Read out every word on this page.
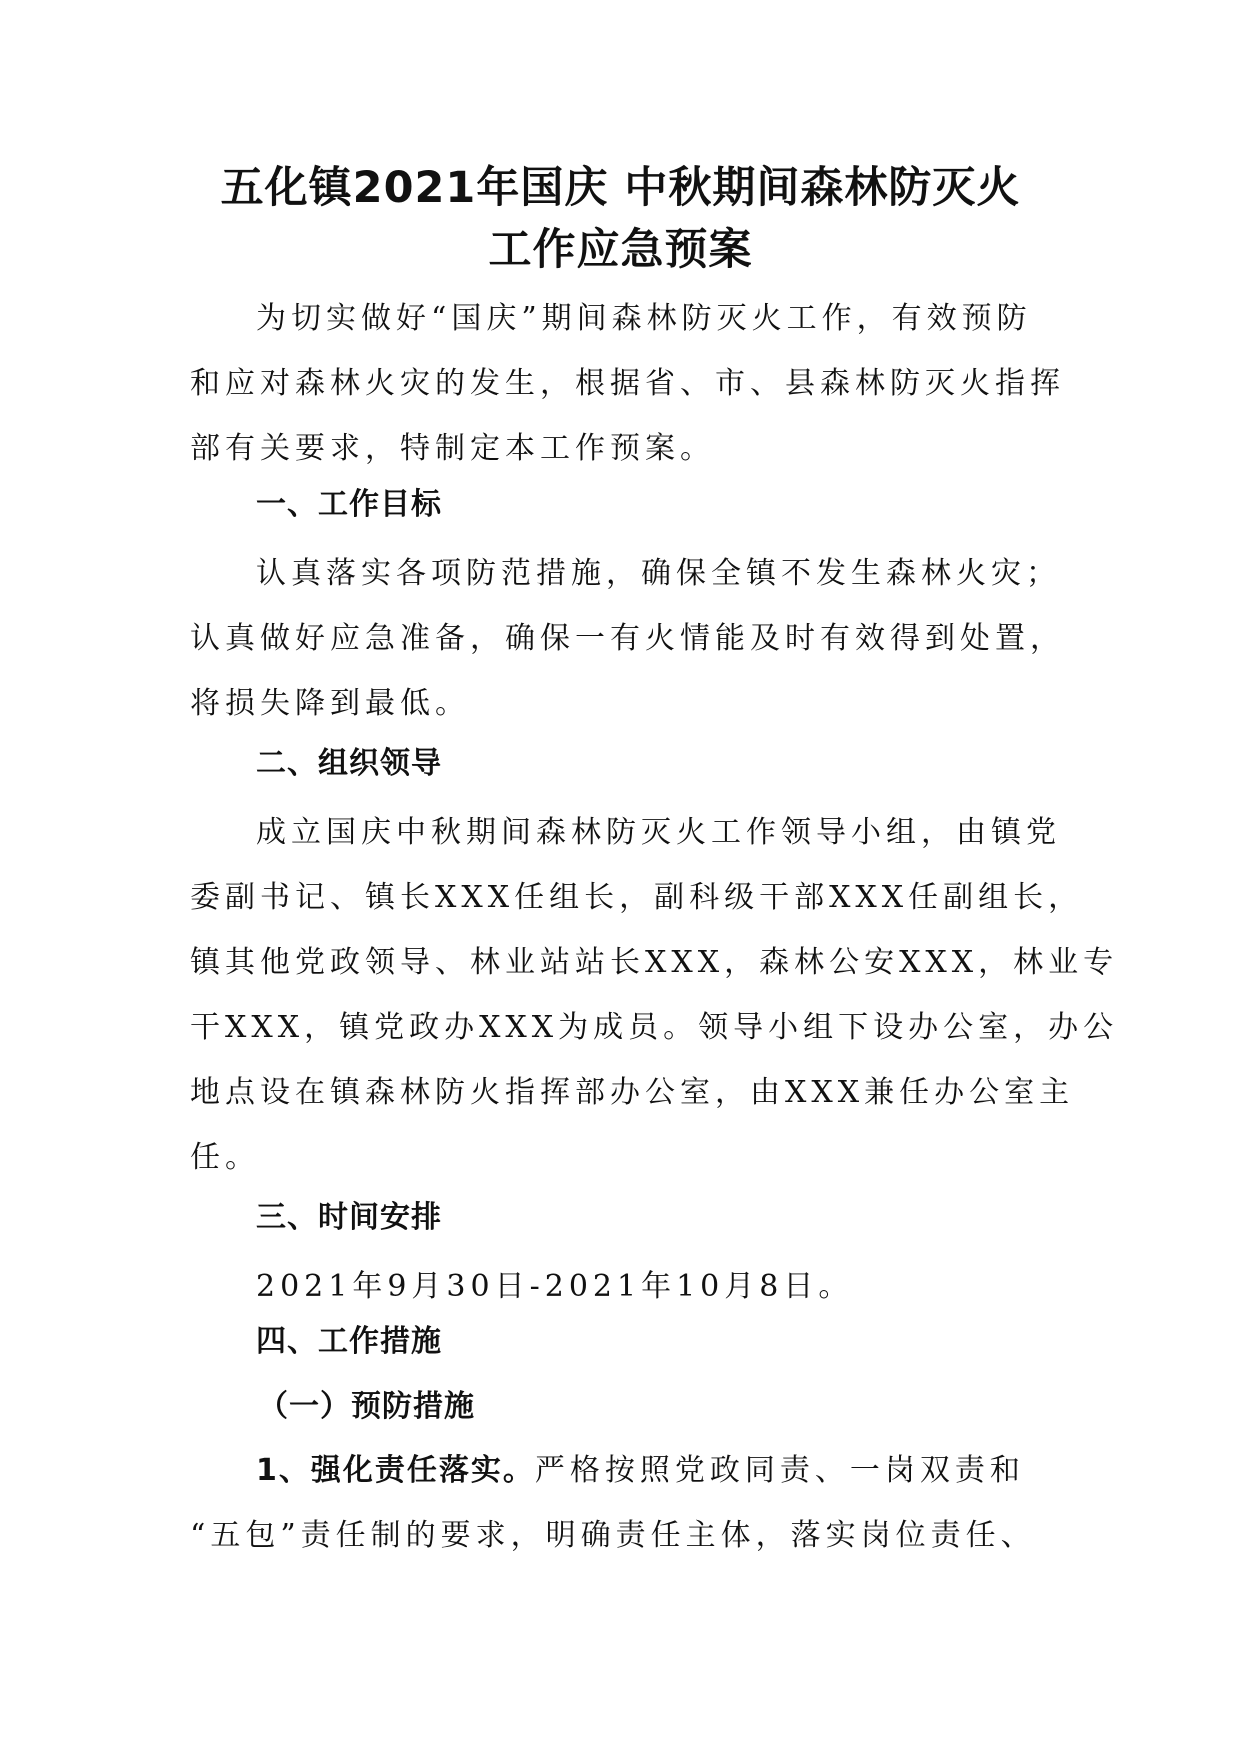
五化镇2021年国庆 中秋期间森林防灭火
工作应急预案
为切实做好“国庆”期间森林防灭火工作，有效预防
和应对森林火灾的发生，根据省、市、县森林防灭火指挥
部有关要求，特制定本工作预案。
一、工作目标
认真落实各项防范措施，确保全镇不发生森林火灾；
认真做好应急准备，确保一有火情能及时有效得到处置，
将损失降到最低。
二、组织领导
成立国庆中秋期间森林防灭火工作领导小组，由镇党
委副书记、镇长XXX任组长，副科级干部XXX任副组长，
镇其他党政领导、林业站站长XXX，森林公安XXX，林业专
干XXX，镇党政办XXX为成员。领导小组下设办公室，办公
地点设在镇森林防火指挥部办公室，由XXX兼任办公室主
任。
三、时间安排
2021年9月30日-2021年10月8日。
四、工作措施
（一）预防措施
1、强化责任落实。严格按照党政同责、一岗双责和
“五包”责任制的要求，明确责任主体，落实岗位责任、
